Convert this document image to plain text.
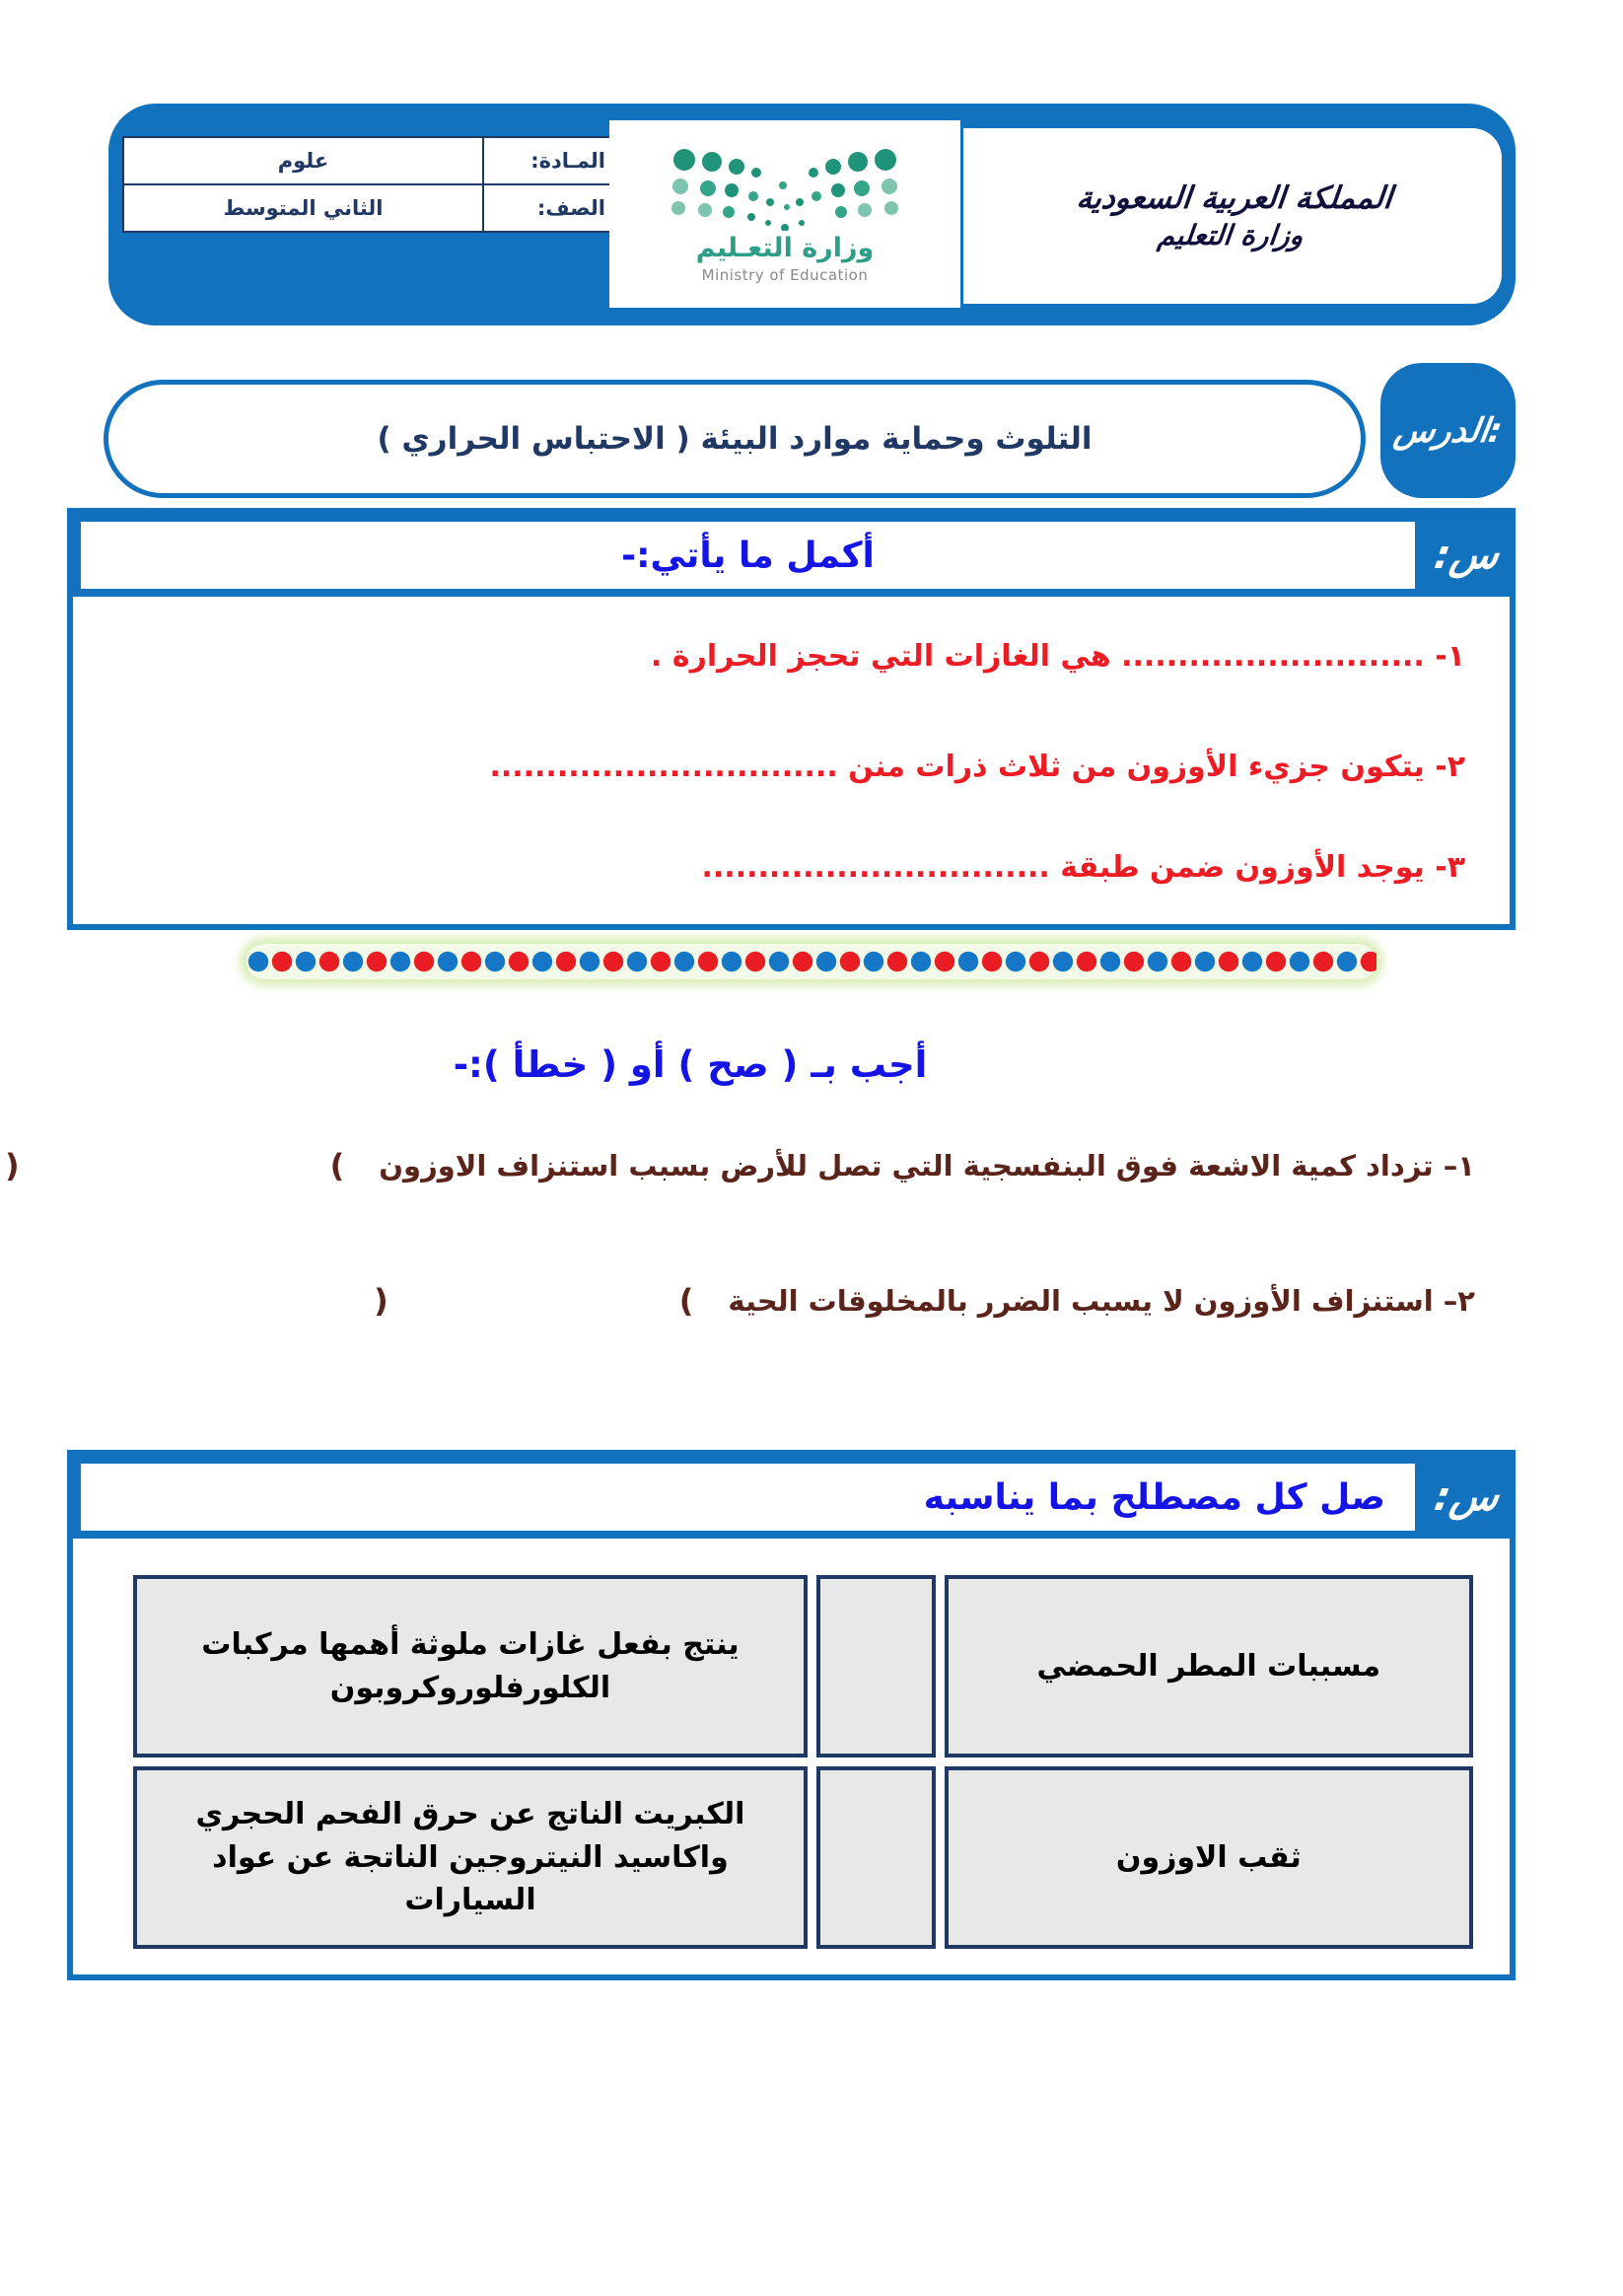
المـادة:	علوم
الصف:	الثاني المتوسط
وزارة التعـليم
Ministry of Education
المملكة العربية السعودية
وزارة التعليم
الدرس:
التلوث وحماية موارد البيئة ( الاحتباس الحراري )
س:
أكمل ما يأتي:-
١- ........................... هي الغازات التي تحجز الحرارة .
٢- يتكون جزيء الأوزون من ثلاث ذرات منن ...............................
٣- يوجد الأوزون ضمن طبقة ...............................
أجب بـ ( صح ) أو ( خطأ ):-
١– تزداد كمية الاشعة فوق البنفسجية التي تصل للأرض بسبب استنزاف الاوزون
(
)
٢– استنزاف الأوزون لا يسبب الضرر بالمخلوقات الحية
(
)
س:
صل كل مصطلح بما يناسبه
مسببات المطر الحمضي		ينتج بفعل غازات ملوثة أهمها مركبات الكلورفلوروكروبون
ثقب الاوزون		الكبريت الناتج عن حرق الفحم الحجري واكاسيد النيتروجين الناتجة عن عواد السيارات
